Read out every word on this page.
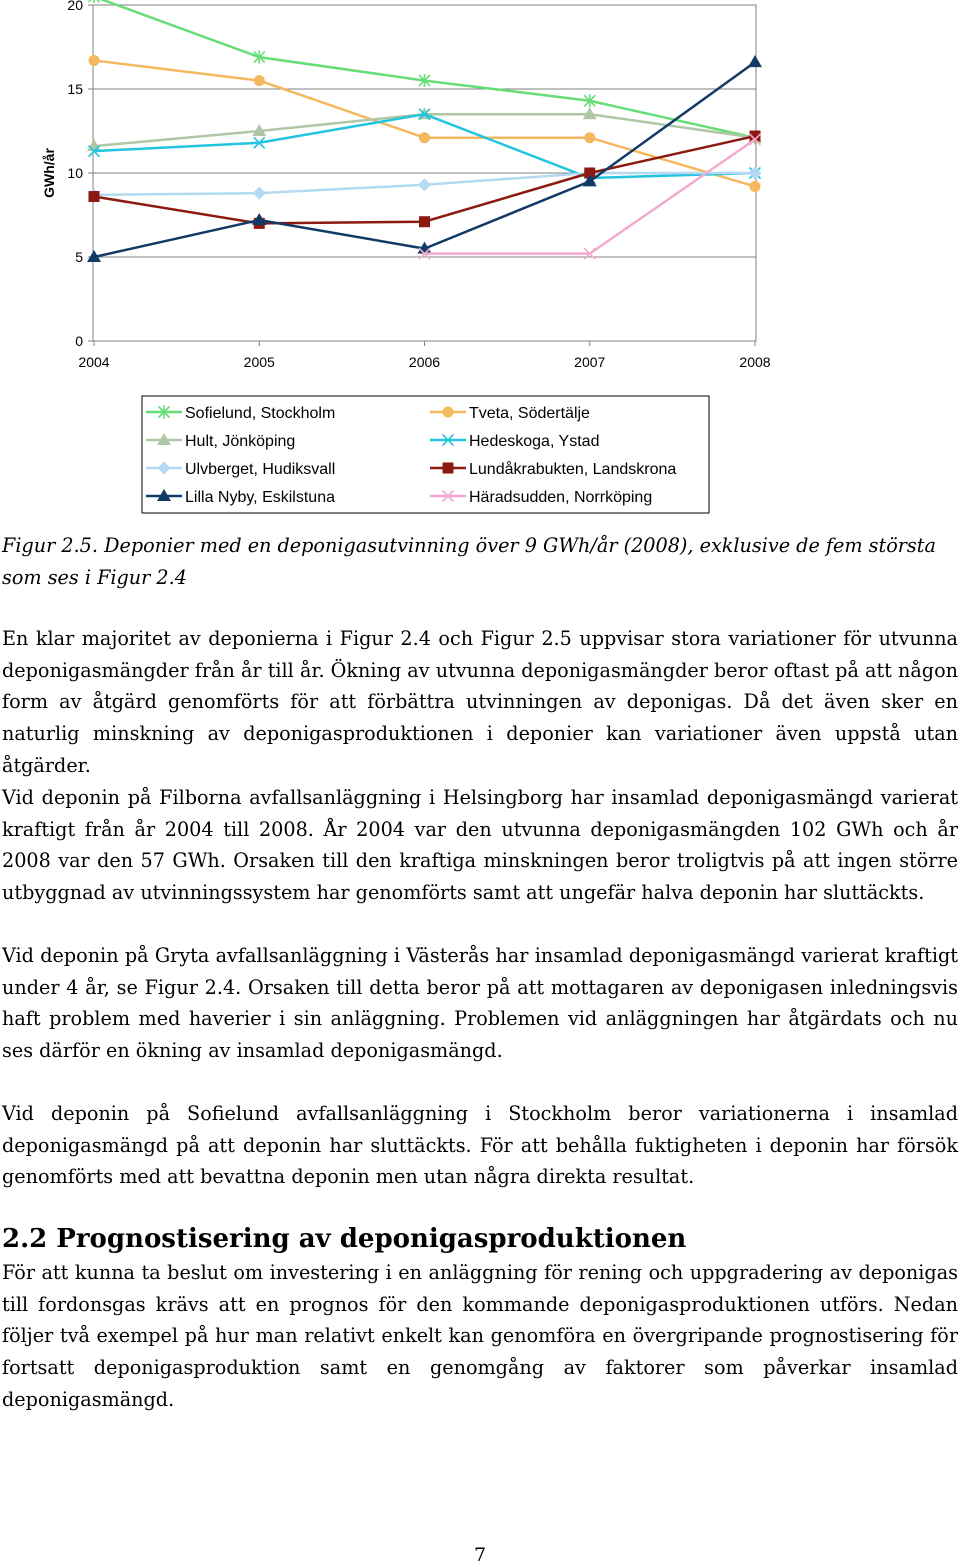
0
5
10
15
20
2004	2005	2006	2007	2008
GWh/år
Sofielund, Stockholm
Hult, Jönköping
Ulvberget, Hudiksvall
Lilla Nyby, Eskilstuna
Tveta, Södertälje
Hedeskoga, Ystad
Lundåkrabukten, Landskrona
Häradsudden, Norrköping

Figur 2.5. Deponier med en deponigasutvinning över 9 GWh/år (2008), exklusive de fem största som ses i Figur 2.4

En klar majoritet av deponierna i Figur 2.4 och Figur 2.5 uppvisar stora variationer för utvunna deponigasmängder från år till år. Ökning av utvunna deponigasmängder beror oftast på att någon form av åtgärd genomförts för att förbättra utvinningen av deponigas. Då det även sker en naturlig minskning av deponigasproduktionen i deponier kan variationer även uppstå utan åtgärder.

Vid deponin på Filborna avfallsanläggning i Helsingborg har insamlad deponigasmängd varierat kraftigt från år 2004 till 2008. År 2004 var den utvunna deponigasmängden 102 GWh och år 2008 var den 57 GWh. Orsaken till den kraftiga minskningen beror troligtvis på att ingen större utbyggnad av utvinningssystem har genomförts samt att ungefär halva deponin har sluttäckts.

Vid deponin på Gryta avfallsanläggning i Västerås har insamlad deponigasmängd varierat kraftigt under 4 år, se Figur 2.4. Orsaken till detta beror på att mottagaren av deponigasen inledningsvis haft problem med haverier i sin anläggning. Problemen vid anläggningen har åtgärdats och nu ses därför en ökning av insamlad deponigasmängd.

Vid deponin på Sofielund avfallsanläggning i Stockholm beror variationerna i insamlad deponigasmängd på att deponin har sluttäckts. För att behålla fuktigheten i deponin har försök genomförts med att bevattna deponin men utan några direkta resultat.

2.2 Prognostisering av deponigasproduktionen

För att kunna ta beslut om investering i en anläggning för rening och uppgradering av deponigas till fordonsgas krävs att en prognos för den kommande deponigasproduktionen utförs. Nedan följer två exempel på hur man relativt enkelt kan genomföra en övergripande prognostisering för fortsatt deponigasproduktion samt en genomgång av faktorer som påverkar insamlad deponigasmängd.

7
